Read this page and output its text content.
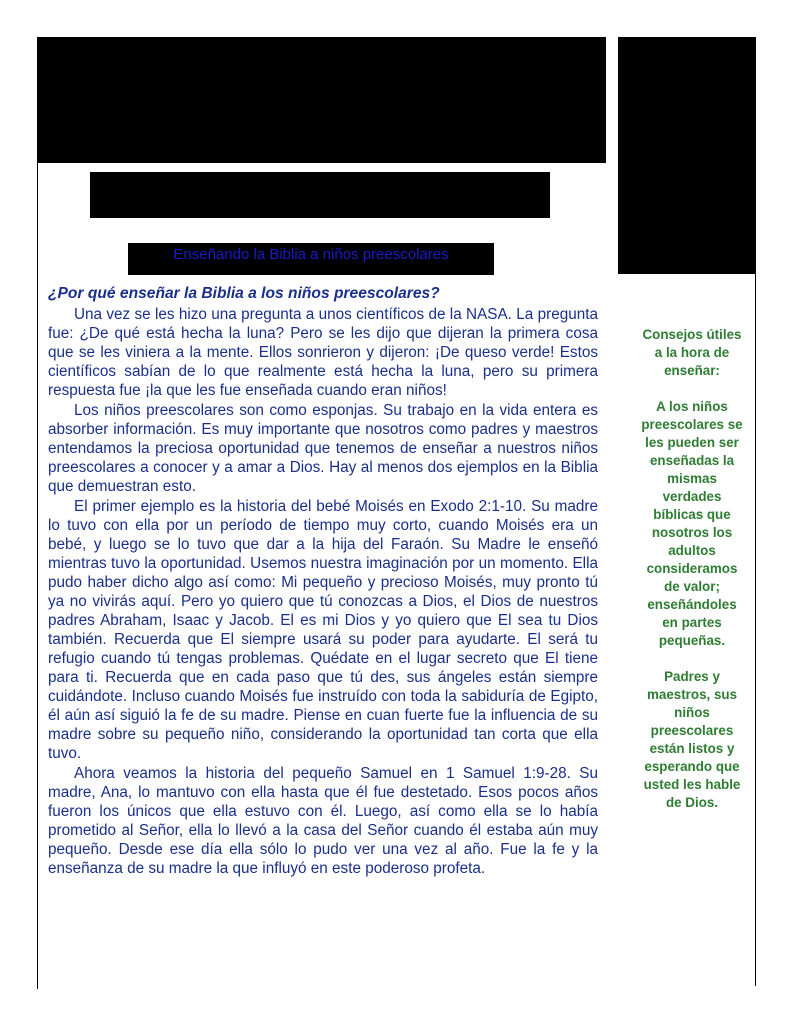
Enseñando la Biblia a niños preescolares
¿Por qué enseñar la Biblia a los niños preescolares?

Una vez se les hizo una pregunta a unos científicos de la NASA. La pregunta fue: ¿De qué está hecha la luna? Pero se les dijo que dijeran la primera cosa que se les viniera a la mente. Ellos sonrieron y dijeron: ¡De queso verde! Estos científicos sabían de lo que realmente está hecha la luna, pero su primera respuesta fue ¡la que les fue enseñada cuando eran niños!

Los niños preescolares son como esponjas. Su trabajo en la vida entera es absorber información. Es muy importante que nosotros como padres y maestros entendamos la preciosa oportunidad que tenemos de enseñar a nuestros niños preescolares a conocer y a amar a Dios. Hay al menos dos ejemplos en la Biblia que demuestran esto.

El primer ejemplo es la historia del bebé Moisés en Exodo 2:1-10. Su madre lo tuvo con ella por un período de tiempo muy corto, cuando Moisés era un bebé, y luego se lo tuvo que dar a la hija del Faraón. Su Madre le enseñó mientras tuvo la oportunidad. Usemos nuestra imaginación por un momento. Ella pudo haber dicho algo así como: Mi pequeño y precioso Moisés, muy pronto tú ya no vivirás aquí. Pero yo quiero que tú conozcas a Dios, el Dios de nuestros padres Abraham, Isaac y Jacob. El es mi Dios y yo quiero que El sea tu Dios también. Recuerda que El siempre usará su poder para ayudarte. El será tu refugio cuando tú tengas problemas. Quédate en el lugar secreto que El tiene para ti. Recuerda que en cada paso que tú des, sus ángeles están siempre cuidándote. Incluso cuando Moisés fue instruído con toda la sabiduría de Egipto, él aún así siguió la fe de su madre. Piense en cuan fuerte fue la influencia de su madre sobre su pequeño niño, considerando la oportunidad tan corta que ella tuvo.

Ahora veamos la historia del pequeño Samuel en 1 Samuel 1:9-28. Su madre, Ana, lo mantuvo con ella hasta que él fue destetado. Esos pocos años fueron los únicos que ella estuvo con él. Luego, así como ella se lo había prometido al Señor, ella lo llevó a la casa del Señor cuando él estaba aún muy pequeño. Desde ese día ella sólo lo pudo ver una vez al año. Fue la fe y la enseñanza de su madre la que influyó en este poderoso profeta.

Consejos útiles
a la hora de
enseñar:
A los niños
preescolares se
les pueden ser
enseñadas la
mismas
verdades
bíblicas que
nosotros los
adultos
consideramos
de valor;
enseñándoles
en partes
pequeñas.
Padres y
maestros, sus
niños
preescolares
están listos y
esperando que
usted les hable
de Dios.
